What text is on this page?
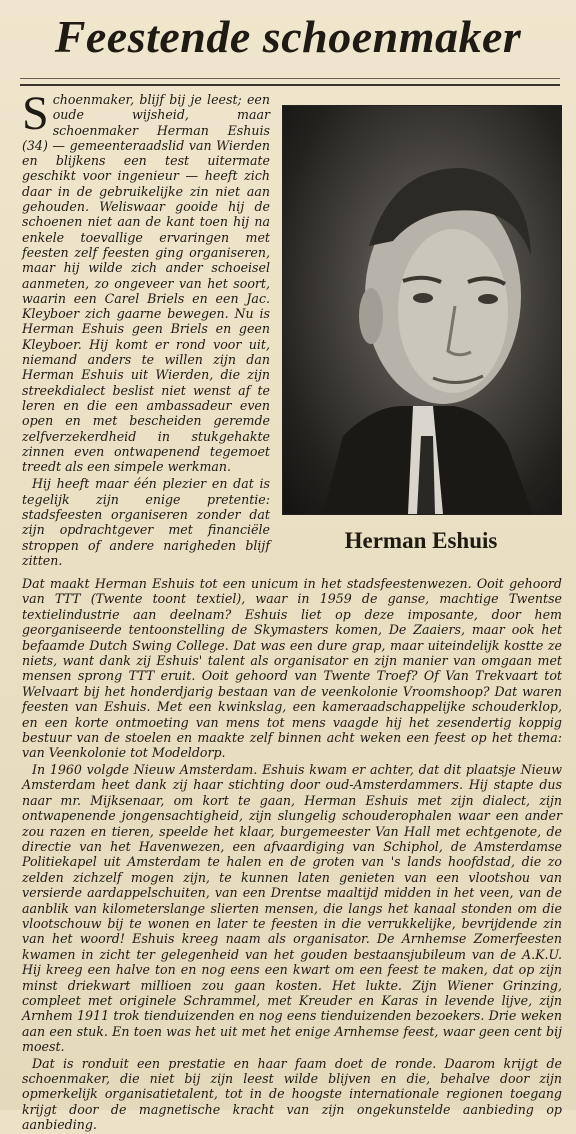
Feestende schoenmaker

Schoenmaker, blijf bij je leest; een oude wijsheid, maar schoenmaker Herman Eshuis (34) — gemeenteraadslid van Wierden en blijkens een test uitermate geschikt voor ingenieur — heeft zich daar in de gebruikelijke zin niet aan gehouden. Weliswaar gooide hij de schoenen niet aan de kant toen hij na enkele toevallige ervaringen met feesten zelf feesten ging organiseren, maar hij wilde zich ander schoeisel aanmeten, zo ongeveer van het soort, waarin een Carel Briels en een Jac. Kleyboer zich gaarne bewegen. Nu is Herman Eshuis geen Briels en geen Kleyboer. Hij komt er rond voor uit, niemand anders te willen zijn dan Herman Eshuis uit Wierden, die zijn streekdialect beslist niet wenst af te leren en die een ambassadeur even open en met bescheiden geremde zelfverzekerdheid in stukgehakte zinnen even ontwapenend tegemoet treedt als een simpele werkman.

Hij heeft maar één plezier en dat is tegelijk zijn enige pretentie: stadsfeesten organiseren zonder dat zijn opdrachtgever met financiële stroppen of andere narigheden blijf zitten.

Herman Eshuis

Dat maakt Herman Eshuis tot een unicum in het stadsfeestenwezen. Ooit gehoord van TTT (Twente toont textiel), waar in 1959 de ganse, machtige Twentse textielindustrie aan deelnam? Eshuis liet op deze imposante, door hem georganiseerde tentoonstelling de Skymasters komen, De Zaaiers, maar ook het befaamde Dutch Swing College. Dat was een dure grap, maar uiteindelijk kostte ze niets, want dank zij Eshuis' talent als organisator en zijn manier van omgaan met mensen sprong TTT eruit. Ooit gehoord van Twente Troef? Of Van Trekvaart tot Welvaart bij het honderdjarig bestaan van de veenkolonie Vroomshoop? Dat waren feesten van Eshuis. Met een kwinkslag, een kameraadschappelijke schouderklop, en een korte ontmoeting van mens tot mens vaagde hij het zesendertig koppig bestuur van de stoelen en maakte zelf binnen acht weken een feest op het thema: van Veenkolonie tot Modeldorp.

In 1960 volgde Nieuw Amsterdam. Eshuis kwam er achter, dat dit plaatsje Nieuw Amsterdam heet dank zij haar stichting door oud-Amsterdammers. Hij stapte dus naar mr. Mijksenaar, om kort te gaan, Herman Eshuis met zijn dialect, zijn ontwapenende jongensachtigheid, zijn slungelig schouderophalen waar een ander zou razen en tieren, speelde het klaar, burgemeester Van Hall met echtgenote, de directie van het Havenwezen, een afvaardiging van Schiphol, de Amsterdamse Politiekapel uit Amsterdam te halen en de groten van 's lands hoofdstad, die zo zelden zichzelf mogen zijn, te kunnen laten genieten van een vlootshou van versierde aardappelschuiten, van een Drentse maaltijd midden in het veen, van de aanblik van kilometerslange slierten mensen, die langs het kanaal stonden om die vlootschouw bij te wonen en later te feesten in die verrukkelijke, bevrijdende zin van het woord! Eshuis kreeg naam als organisator. De Arnhemse Zomerfeesten kwamen in zicht ter gelegenheid van het gouden bestaansjubileum van de A.K.U. Hij kreeg een halve ton en nog eens een kwart om een feest te maken, dat op zijn minst driekwart millioen zou gaan kosten. Het lukte. Zijn Wiener Grinzing, compleet met originele Schrammel, met Kreuder en Karas in levende lijve, zijn Arnhem 1911 trok tienduizenden en nog eens tienduizenden bezoekers. Drie weken aan een stuk. En toen was het uit met het enige Arnhemse feest, waar geen cent bij moest.

Dat is ronduit een prestatie en haar faam doet de ronde. Daarom krijgt de schoenmaker, die niet bij zijn leest wilde blijven en die, behalve door zijn opmerkelijk organisatietalent, tot in de hoogste internationale regionen toegang krijgt door de magnetische kracht van zijn ongekunstelde aanbieding op aanbieding.
